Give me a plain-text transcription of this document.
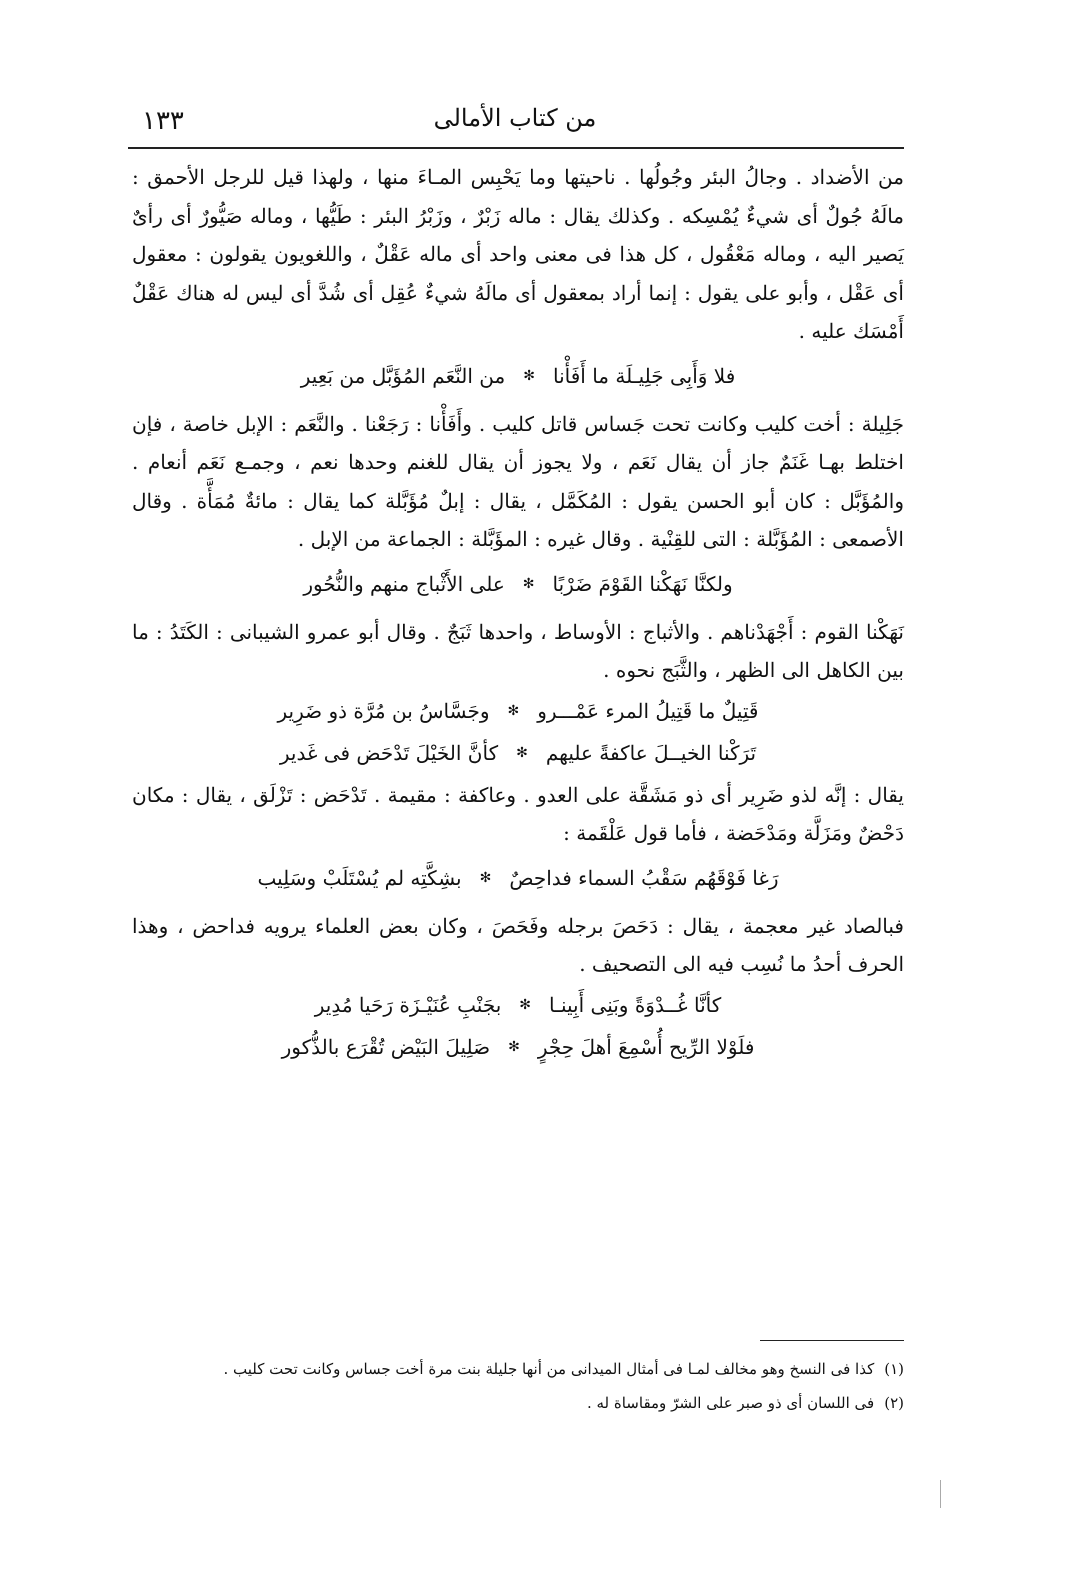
١٣٣	من كتاب الأمالى

من الأضداد . وجالُ البئر وجُولُها . ناحيتها وما يَحْبِس المـاءَ منها ، ولهذا قيل للرجل الأحمق : مالَهُ جُولٌ أى شيءٌ يُمْسِكه . وكذلك يقال : ماله زَبْرٌ ، وزَبْرُ البئر : طَيُّها ، وماله صَيُّورٌ أى رأىٌ يَصير اليه ، وماله مَعْقُول ، كل هذا فى معنى واحد أى ماله عَقْلٌ ، واللغويون يقولون : معقول أى عَقْل ، وأبو على يقول : إنما أراد بمعقول أى مالَهُ شيءٌ عُقِل أى شُدَّ أى ليس له هناك عَقْلٌ أَمْسَك عليه .

فلا وَأَبِى جَلِيـلَة ما أَفَأْنا
✻
من النَّعَم المُؤَبَّل من بَعِير

جَلِيلة : أخت كليب وكانت تحت جَساس قاتل كليب . وأَفَأْنا : رَجَعْنا . والنَّعَم : الإبل خاصة ، فإن اختلط بهـا غَنَمٌ جاز أن يقال نَعَم ، ولا يجوز أن يقال للغنم وحدها نعم ، وجمـع نَعَم أنعام . والمُؤَبَّل : كان أبو الحسن يقول : المُكَمَّل ، يقال : إبلٌ مُؤَبَّلة كما يقال : مائةٌ مُمَأَّة . وقال الأصمعى : المُؤَبَّلة : التى للقِنْية . وقال غيره : المؤَبَّلة : الجماعة من الإبل .

ولكنَّا نَهَكْنا القَوْمَ ضَرْبًا
✻
على الأَثْباج منهم والنُّحُور

نَهَكْنا القوم : أَجْهَدْناهم . والأثباج : الأوساط ، واحدها ثَبَجٌ . وقال أبو عمرو الشيبانى : الكَتَدُ : ما بين الكاهل الى الظهر ، والثَّبَج نحوه .

قَتِيلٌ ما قَتِيلُ المرء عَمْـــرو
✻
وجَسَّاسُ بن مُرَّة ذو ضَرِير
تَرَكْنا الخيــلَ عاكفةً عليهم
✻
كأنَّ الخَيْلَ تَدْحَض فى غَدير

يقال : إنَّه لذو ضَرِير أى ذو مَشَقَّة على العدو . وعاكفة : مقيمة . تَدْحَض : تَزْلَق ، يقال : مكان دَحْضٌ ومَزَلَّة ومَدْحَضة ، فأما قول عَلْقَمة :

رَغا فَوْقَهُم سَقْبُ السماء فداحِصٌ
✻
بشِكَّتِه لم يُسْتَلَبْ وسَلِيب

فبالصاد غير معجمة ، يقال : دَحَصَ برجله وفَحَصَ ، وكان بعض العلماء يرويه فداحض ، وهذا الحرف أحدُ ما نُسِب فيه الى التصحيف .

كأنَّا غُــدْوَةً وبَنِى أَبِينـا
✻
بجَنْبِ عُنَيْـزَة رَحَيا مُدِير
فلَوْلا الرِّيح أُسْمِعَ أهلَ حِجْرٍ
✻
صَلِيلَ البَيْض تُقْرَع بالذُّكور

(١)كذا فى النسخ وهو مخالف لمـا فى أمثال الميدانى من أنها جليلة بنت مرة أخت جساس وكانت تحت كليب .

(٢)فى اللسان أى ذو صبر على الشرّ ومقاساة له .
